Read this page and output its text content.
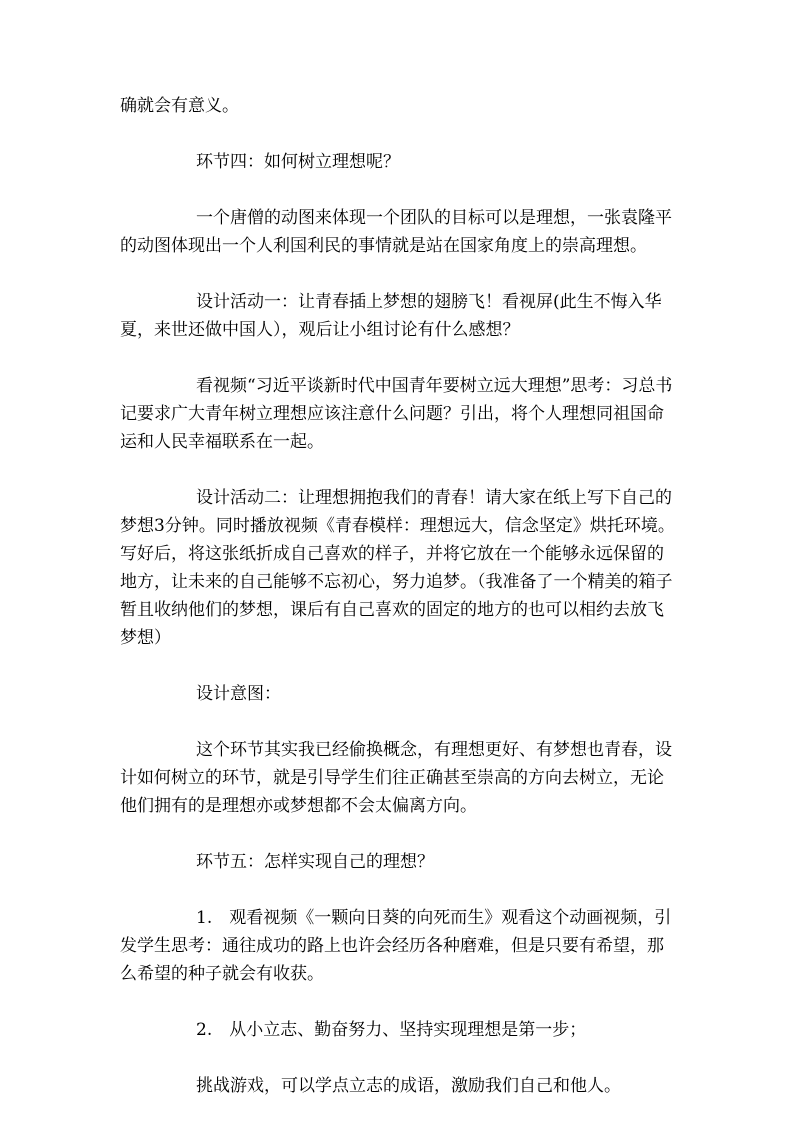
确就会有意义。

环节四：如何树立理想呢？

一个唐僧的动图来体现一个团队的目标可以是理想，一张袁隆平的动图体现出一个人利国利民的事情就是站在国家角度上的崇高理想。

设计活动一：让青春插上梦想的翅膀飞！看视屏(此生不悔入华夏，来世还做中国人），观后让小组讨论有什么感想？

看视频“习近平谈新时代中国青年要树立远大理想”思考：习总书记要求广大青年树立理想应该注意什么问题？引出，将个人理想同祖国命运和人民幸福联系在一起。

设计活动二：让理想拥抱我们的青春！请大家在纸上写下自己的梦想3分钟。同时播放视频《青春模样：理想远大，信念坚定》烘托环境。写好后，将这张纸折成自己喜欢的样子，并将它放在一个能够永远保留的地方，让未来的自己能够不忘初心，努力追梦。（我准备了一个精美的箱子暂且收纳他们的梦想，课后有自己喜欢的固定的地方的也可以相约去放飞梦想）

设计意图：

这个环节其实我已经偷换概念，有理想更好、有梦想也青春，设计如何树立的环节，就是引导学生们往正确甚至崇高的方向去树立，无论他们拥有的是理想亦或梦想都不会太偏离方向。

环节五：怎样实现自己的理想？

1.　观看视频《一颗向日葵的向死而生》观看这个动画视频，引发学生思考：通往成功的路上也许会经历各种磨难，但是只要有希望，那么希望的种子就会有收获。

2.　从小立志、勤奋努力、坚持实现理想是第一步；

挑战游戏，可以学点立志的成语，激励我们自己和他人。
